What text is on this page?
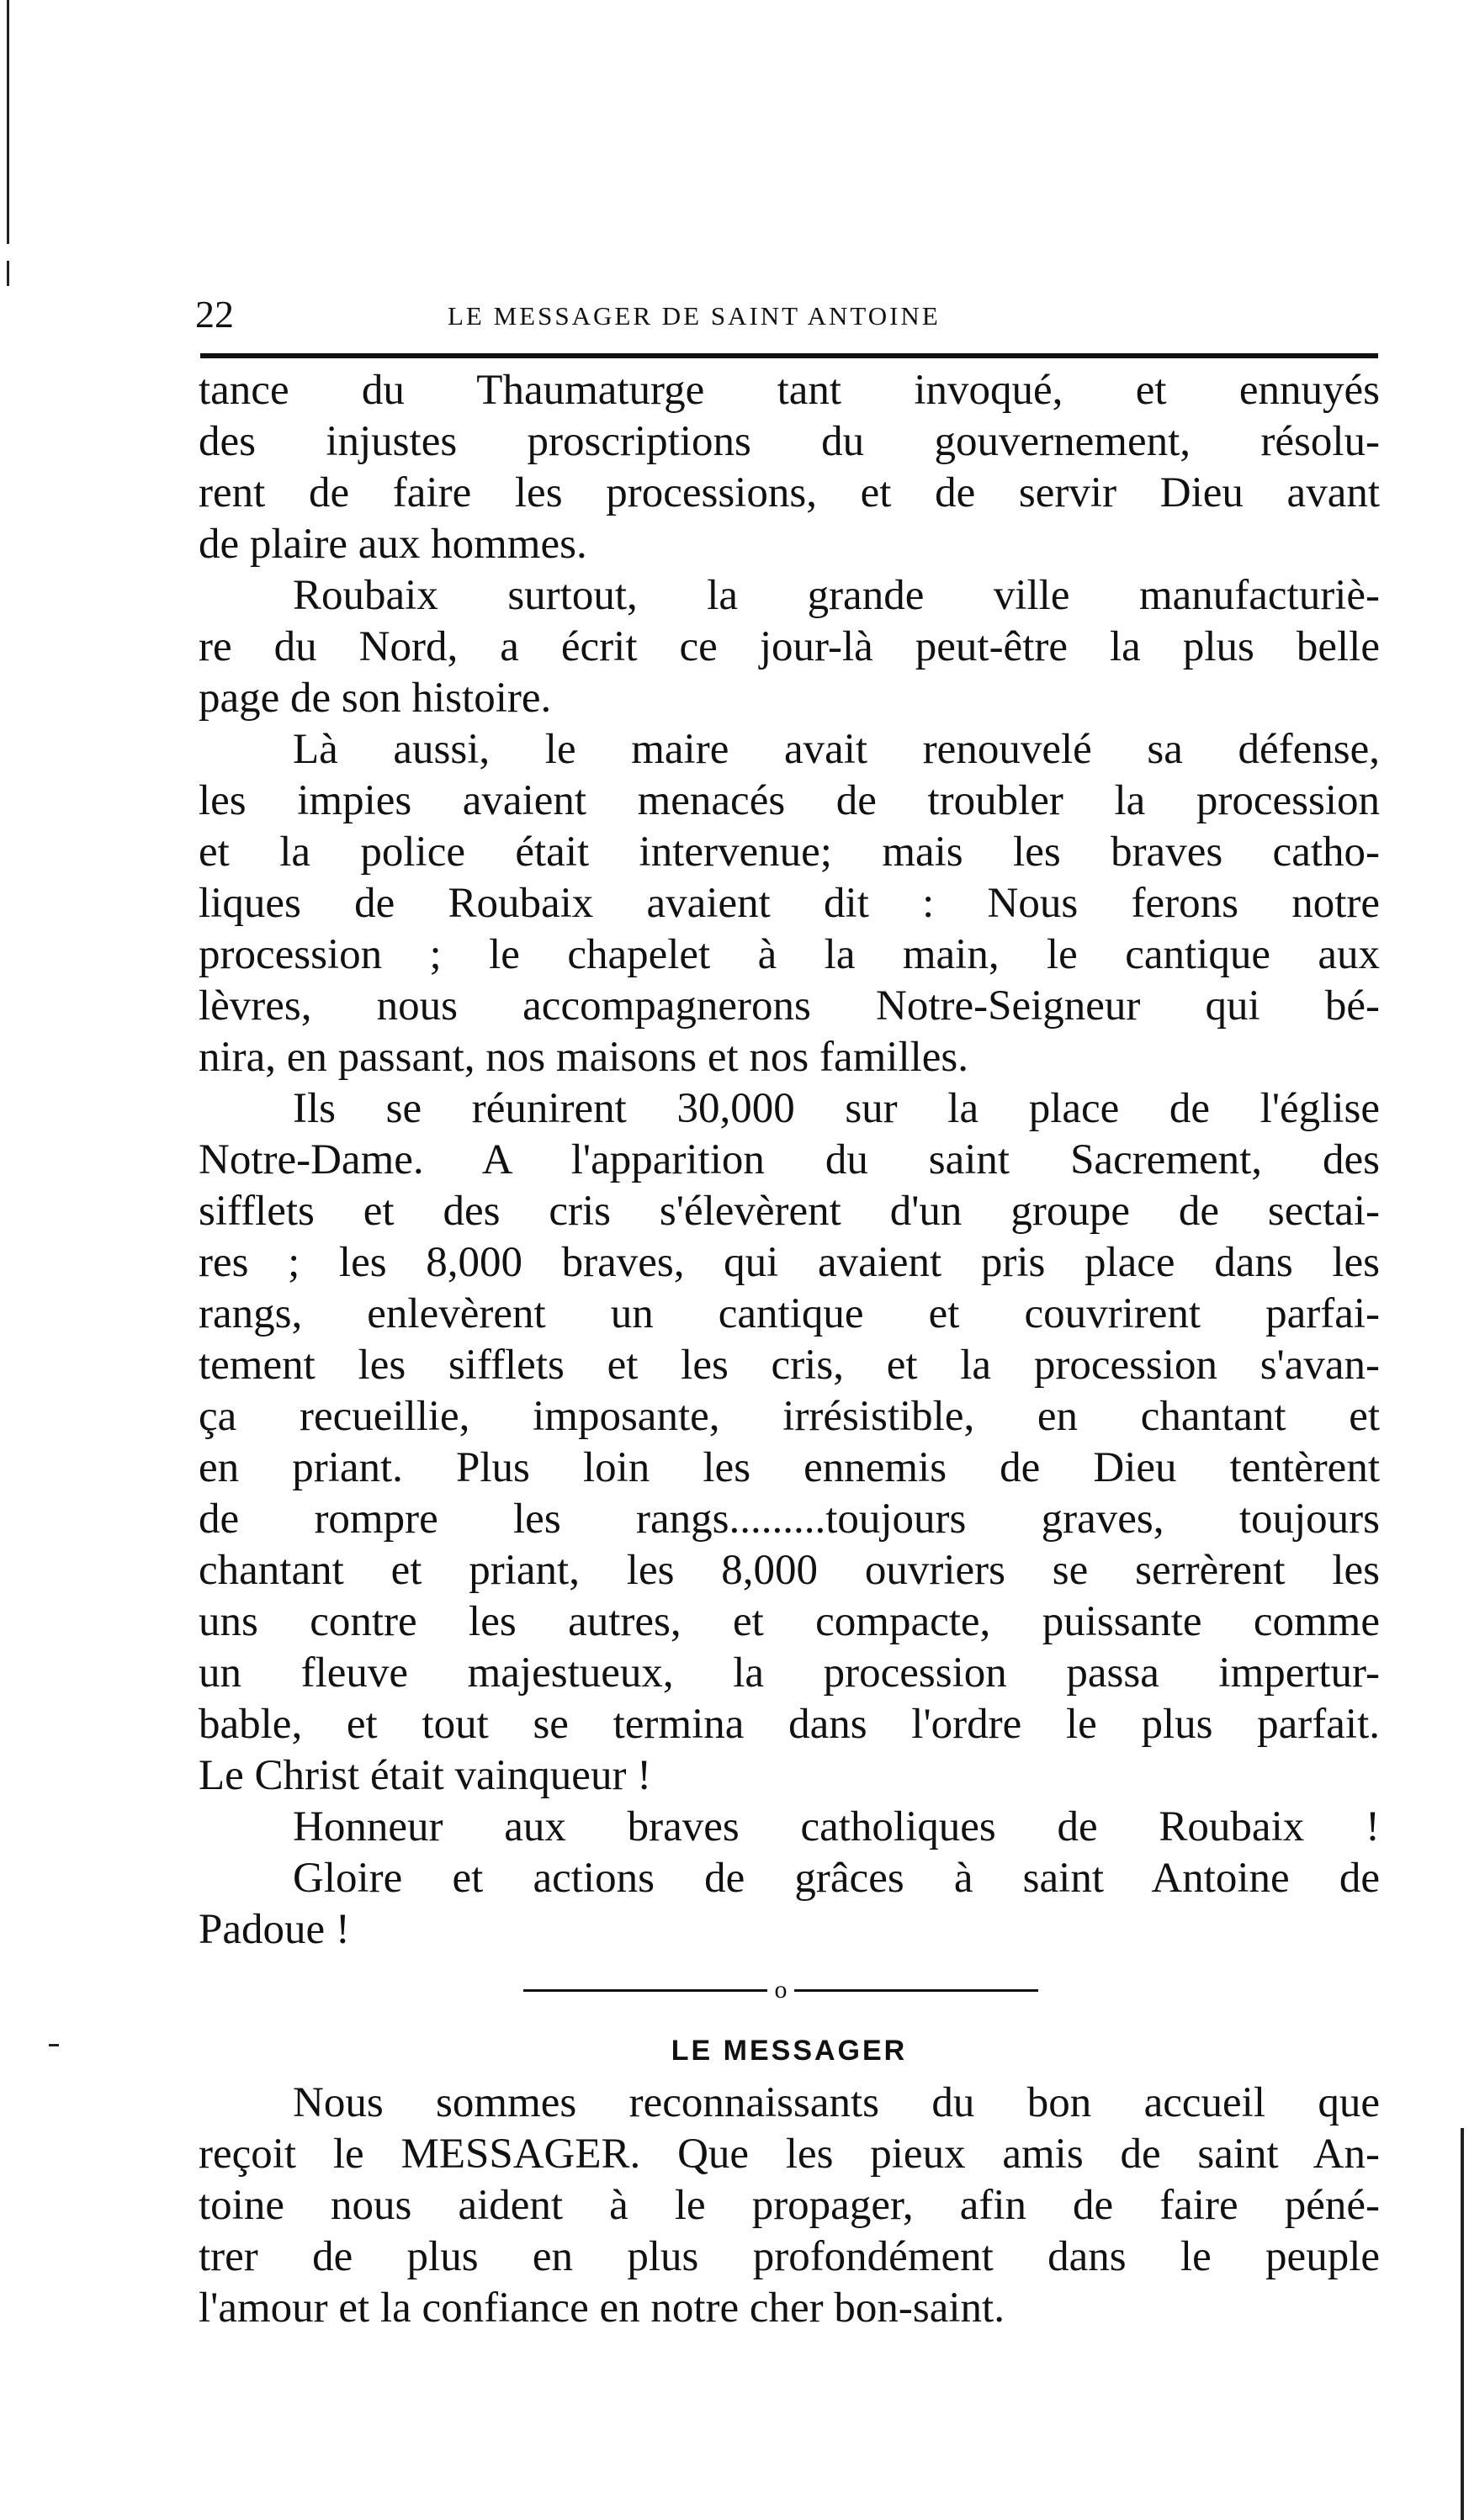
22	LE MESSAGER DE SAINT ANTOINE
tance du Thaumaturge tant invoqué, et ennuyés
des injustes proscriptions du gouvernement, résolu-
rent de faire les processions, et de servir Dieu avant
de plaire aux hommes.
Roubaix surtout, la grande ville manufacturiè-
re du Nord, a écrit ce jour-là peut-être la plus belle
page de son histoire.
Là aussi, le maire avait renouvelé sa défense,
les impies avaient menacés de troubler la procession
et la police était intervenue; mais les braves catho-
liques de Roubaix avaient dit : Nous ferons notre
procession ; le chapelet à la main, le cantique aux
lèvres, nous accompagnerons Notre-Seigneur qui bé-
nira, en passant, nos maisons et nos familles.
Ils se réunirent 30,000 sur la place de l'église
Notre-Dame. A l'apparition du saint Sacrement, des
sifflets et des cris s'élevèrent d'un groupe de sectai-
res ; les 8,000 braves, qui avaient pris place dans les
rangs, enlevèrent un cantique et couvrirent parfai-
tement les sifflets et les cris, et la procession s'avan-
ça recueillie, imposante, irrésistible, en chantant et
en priant. Plus loin les ennemis de Dieu tentèrent
de rompre les rangs.........toujours graves, toujours
chantant et priant, les 8,000 ouvriers se serrèrent les
uns contre les autres, et compacte, puissante comme
un fleuve majestueux, la procession passa impertur-
bable, et tout se termina dans l'ordre le plus parfait.
Le Christ était vainqueur !
Honneur aux braves catholiques de Roubaix !
Gloire et actions de grâces à saint Antoine de
Padoue !
o
LE MESSAGER
Nous sommes reconnaissants du bon accueil que
reçoit le MESSAGER. Que les pieux amis de saint An-
toine nous aident à le propager, afin de faire péné-
trer de plus en plus profondément dans le peuple
l'amour et la confiance en notre cher bon-saint.
